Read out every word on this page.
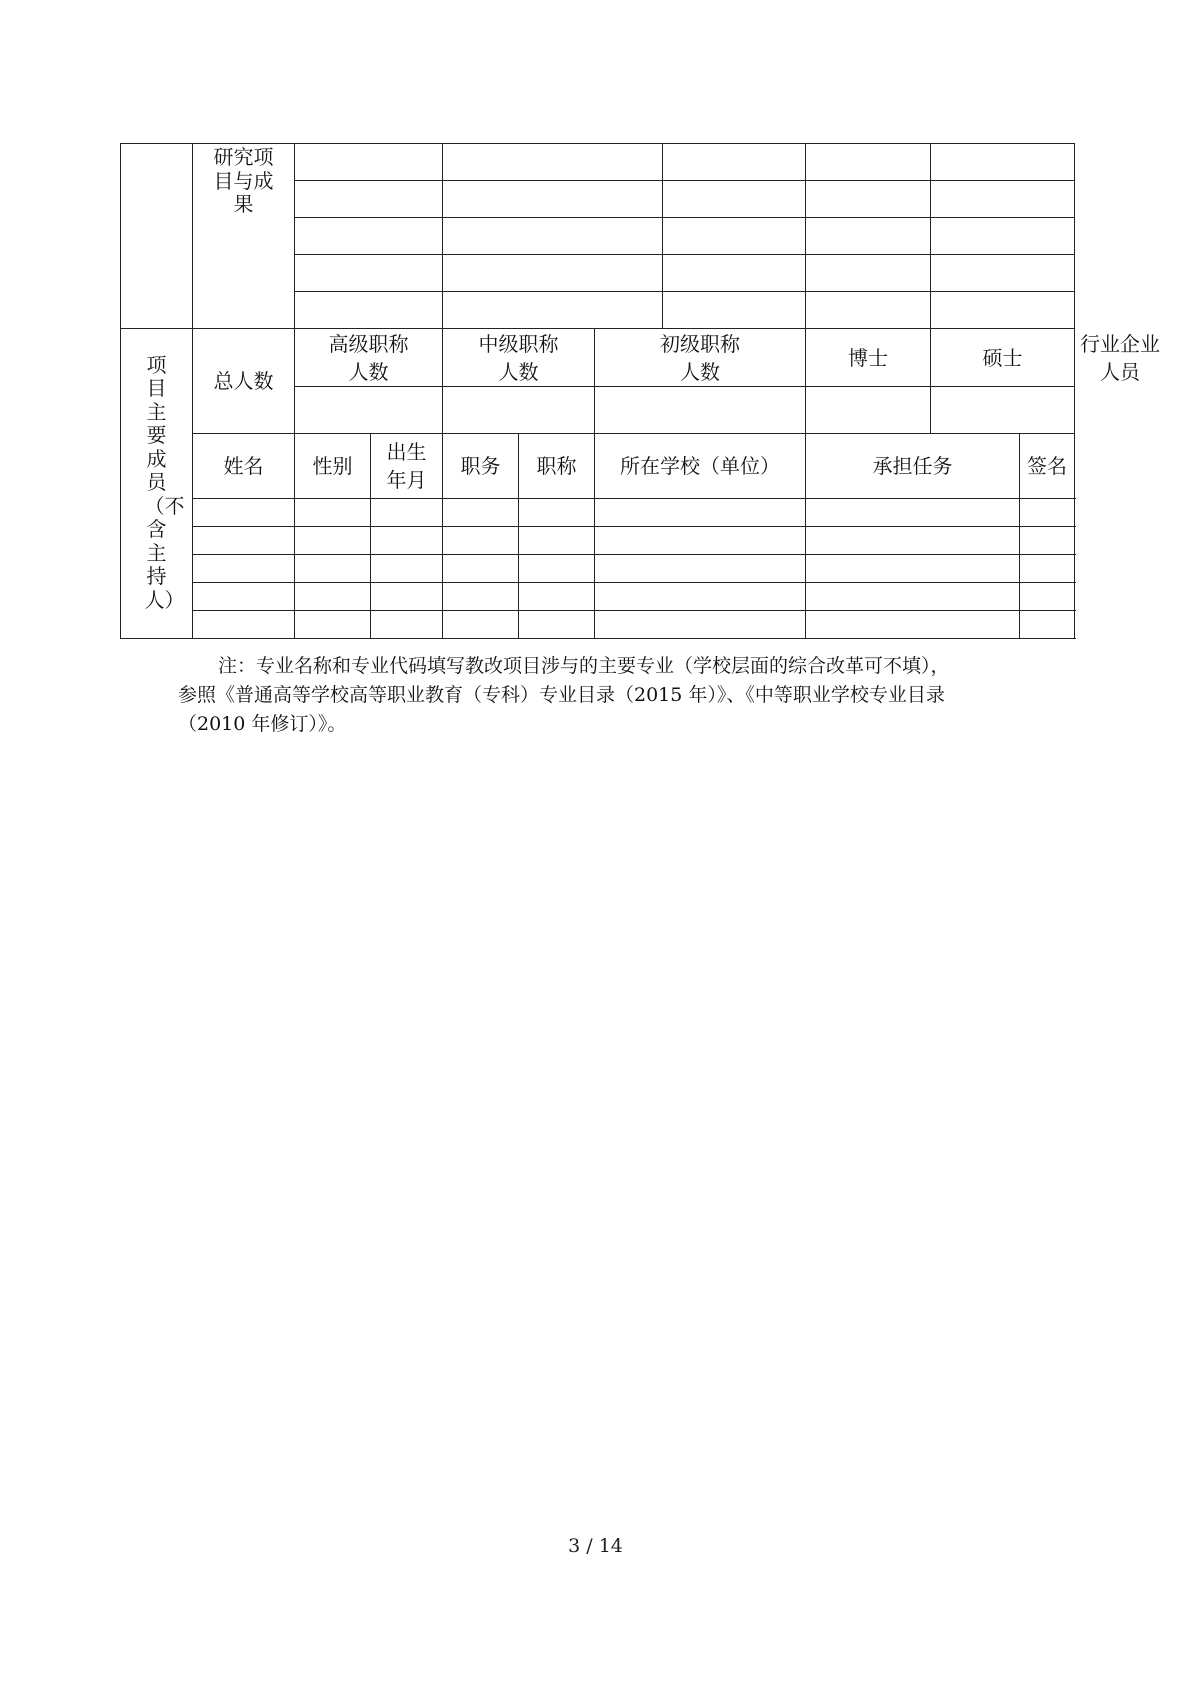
	研究项目与成果										

项目主要成员（不含主持人）	总人数	高级职称人数		中级职称人数		初级职称人数		博士	硕士		行业企业人员

	姓名	性别	出生年月	职务	职称	所在学校（单位）		承担任务		签名	

注：专业名称和专业代码填写教改项目涉与的主要专业（学校层面的综合改革可不填），
参照《普通高等学校高等职业教育（专科）专业目录（2015 年）》、《中等职业学校专业目录
（2010 年修订）》。
3 / 14
